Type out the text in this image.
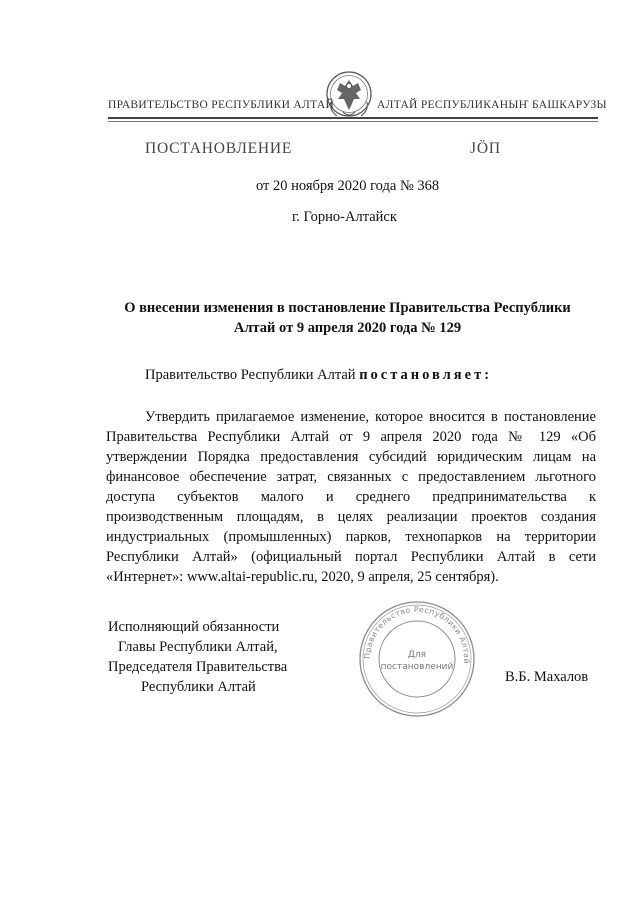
ПРАВИТЕЛЬСТВО РЕСПУБЛИКИ АЛТАЙ	АЛТАЙ РЕСПУБЛИКАНЫҤ БАШКАРУЗЫ
ПОСТАНОВЛЕНИЕ	JÖП
от 20 ноября 2020 года № 368
г. Горно-Алтайск
О внесении изменения в постановление Правительства Республики
Алтай от 9 апреля 2020 года № 129
Правительство Республики Алтай постановляет:
Утвердить прилагаемое изменение, которое вносится в постановление Правительства Республики Алтай от 9 апреля 2020 года № 129 «Об утверждении Порядка предоставления субсидий юридическим лицам на финансовое обеспечение затрат, связанных с предоставлением льготного доступа субъектов малого и среднего предпринимательства к производственным площадям, в целях реализации проектов создания индустриальных (промышленных) парков, технопарков на территории Республики Алтай» (официальный портал Республики Алтай в сети «Интернет»: www.altai-republic.ru, 2020, 9 апреля, 25 сентября).
Исполняющий обязанности
Главы Республики Алтай,
Председателя Правительства
Республики Алтай
В.Б. Махалов
Правительство Республики Алтай
Для
постановлений
